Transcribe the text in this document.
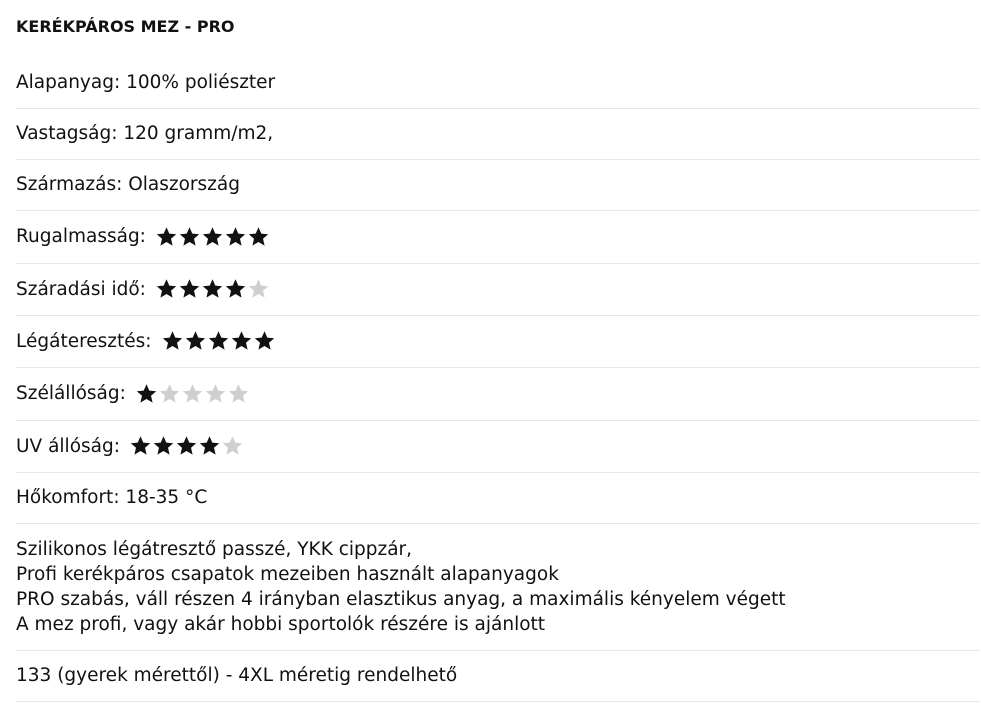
KERÉKPÁROS MEZ - PRO
Alapanyag: 100% poliészter
Vastagság: 120 gramm/m2,
Származás: Olaszország
Rugalmasság:
Száradási idő:
Légáteresztés:
Szélállóság:
UV állóság:
Hőkomfort: 18-35 °C
Szilikonos légátresztő passzé, YKK cippzár,
Profi kerékpáros csapatok mezeiben használt alapanyagok
PRO szabás, váll részen 4 irányban elasztikus anyag, a maximális kényelem végett
A mez profi, vagy akár hobbi sportolók részére is ajánlott
133 (gyerek mérettől) - 4XL méretig rendelhető
